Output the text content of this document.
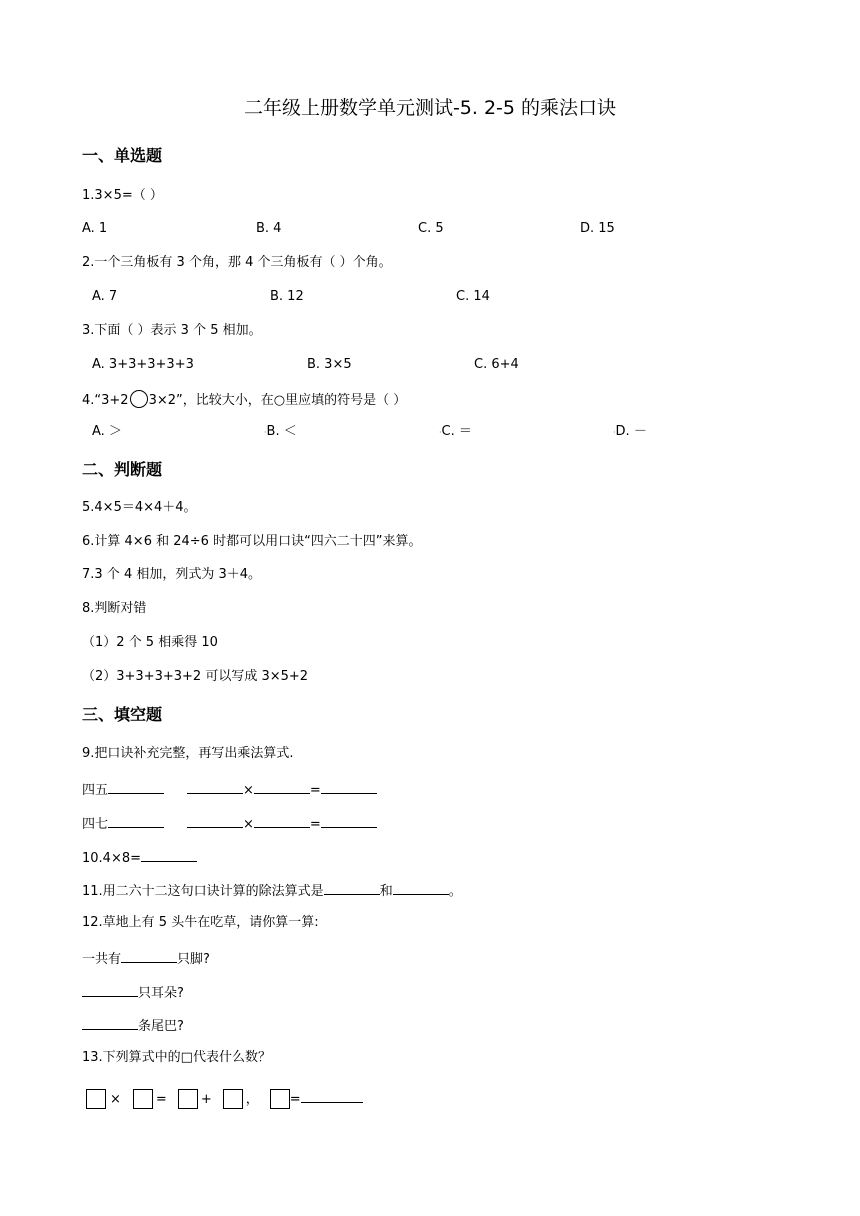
二年级上册数学单元测试-5. 2-5 的乘法口诀
一、单选题
1.3×5=（ ）
A. 1	B. 4	C. 5	D. 15
2.一个三角板有 3 个角，那 4 个三角板有（ ）个角。
A. 7	B. 12	C. 14
3.下面（ ）表示 3 个 5 相加。
A. 3+3+3+3+3	B. 3×5	C. 6+4
4.“3+2 3×2”，比较大小，在○里应填的符号是（ ）
A. ＞	·B. ＜	·C. ＝	·D. －
二、判断题
5.4×5＝4×4＋4。
6.计算 4×6 和 24÷6 时都可以用口诀“四六二十四”来算。
7.3 个 4 相加，列式为 3＋4。
8.判断对错
（1）2 个 5 相乘得 10
（2）3+3+3+3+2 可以写成 3×5+2
三、填空题
9.把口诀补充完整，再写出乘法算式.
四五	×	=
四七	×	=
10.4×8=
11.用二六十二这句口诀计算的除法算式是	和	。
12.草地上有 5 头牛在吃草，请你算一算:
一共有	只脚?
只耳朵?
条尾巴?
13.下列算式中的□代表什么数？
×	=	+	， =
